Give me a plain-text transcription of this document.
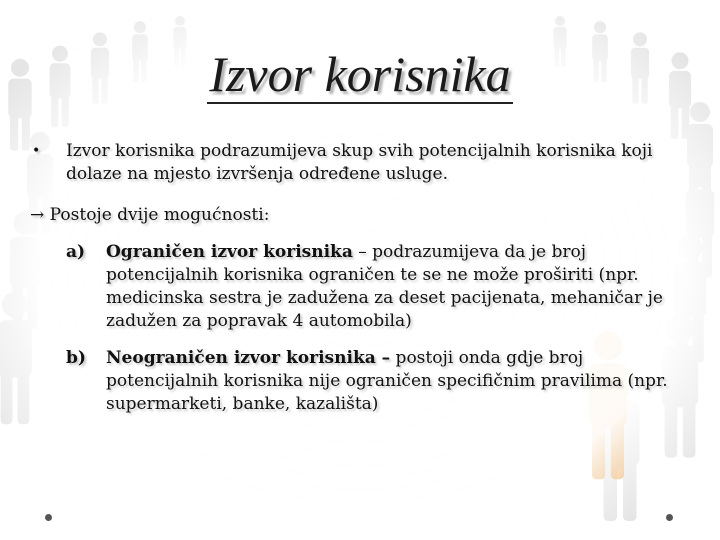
Izvor korisnika
•	Izvor korisnika podrazumijeva skup svih potencijalnih korisnika koji dolaze na mjesto izvršenja određene usluge.
→ Postoje dvije mogućnosti:
a)	Ograničen izvor korisnika – podrazumijeva da je broj potencijalnih korisnika ograničen te se ne može proširiti (npr. medicinska sestra je zadužena za deset pacijenata, mehaničar je zadužen za popravak 4 automobila)
b)	Neograničen izvor korisnika – postoji onda gdje broj potencijalnih korisnika nije ograničen specifičnim pravilima (npr. supermarketi, banke, kazališta)
